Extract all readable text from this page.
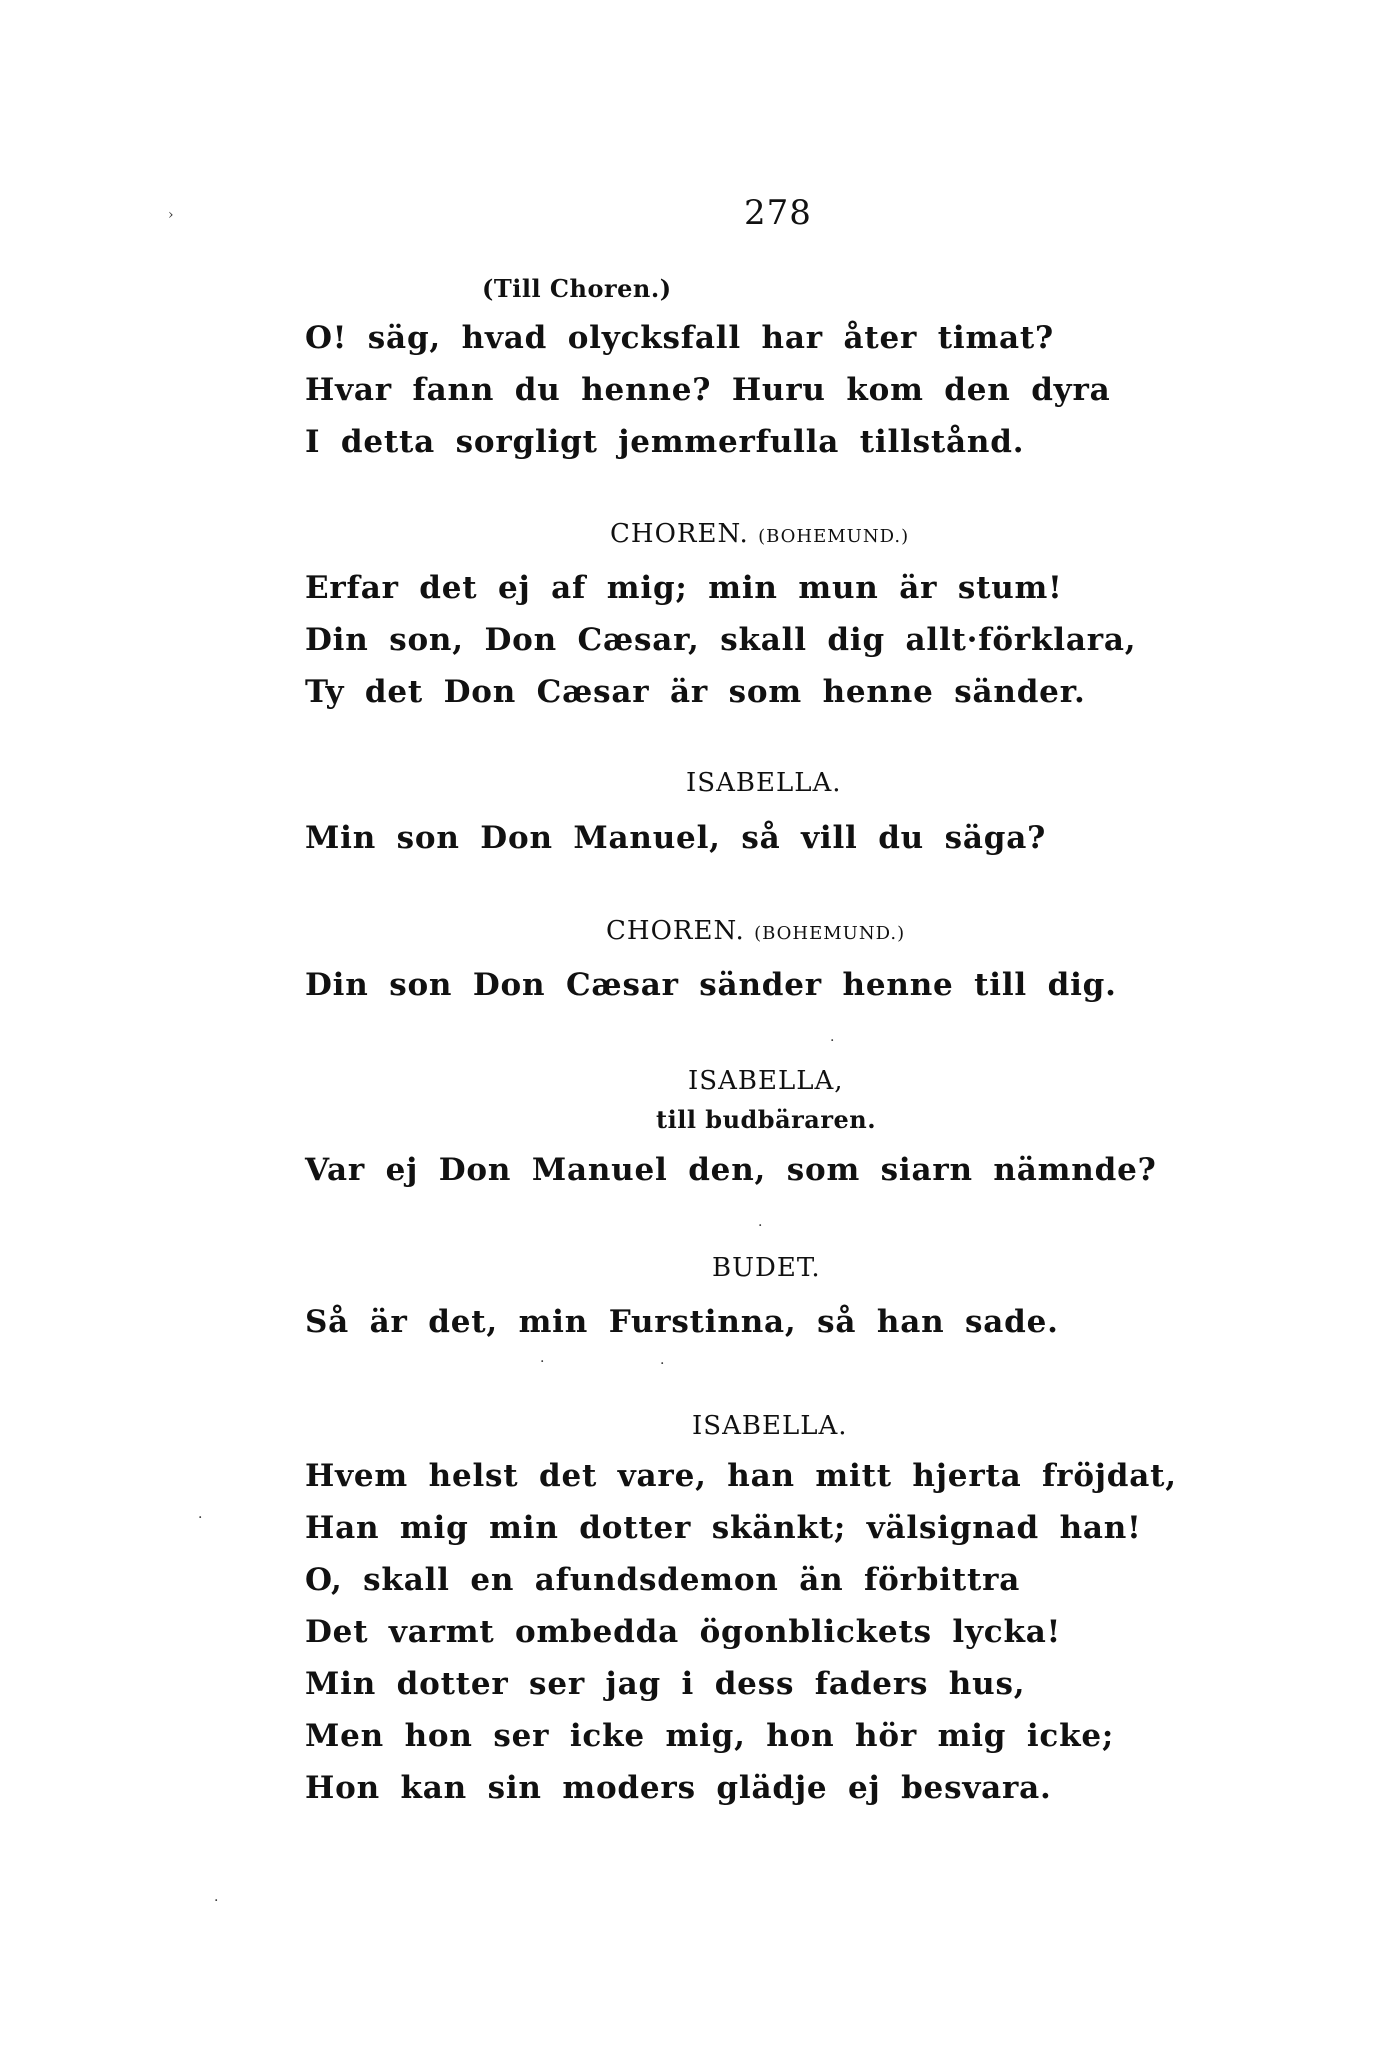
›	278
(Till Choren.)
O! säg, hvad olycksfall har åter timat?
Hvar fann du henne? Huru kom den dyra
I detta sorgligt jemmerfulla tillstånd.
CHOREN. (BOHEMUND.)
Erfar det ej af mig; min mun är stum!
Din son, Don Cæsar, skall dig allt·förklara,
Ty det Don Cæsar är som henne sänder.
ISABELLA.
Min son Don Manuel, så vill du säga?
CHOREN. (BOHEMUND.)
Din son Don Cæsar sänder henne till dig.
·
ISABELLA,
till budbäraren.
Var ej Don Manuel den, som siarn nämnde?
·
BUDET.
Så är det, min Furstinna, så han sade.
·	·
ISABELLA.
·
Hvem helst det vare, han mitt hjerta fröjdat,
Han mig min dotter skänkt; välsignad han!
O, skall en afundsdemon än förbittra
Det varmt ombedda ögonblickets lycka!
Min dotter ser jag i dess faders hus,
Men hon ser icke mig, hon hör mig icke;
Hon kan sin moders glädje ej besvara.
·
